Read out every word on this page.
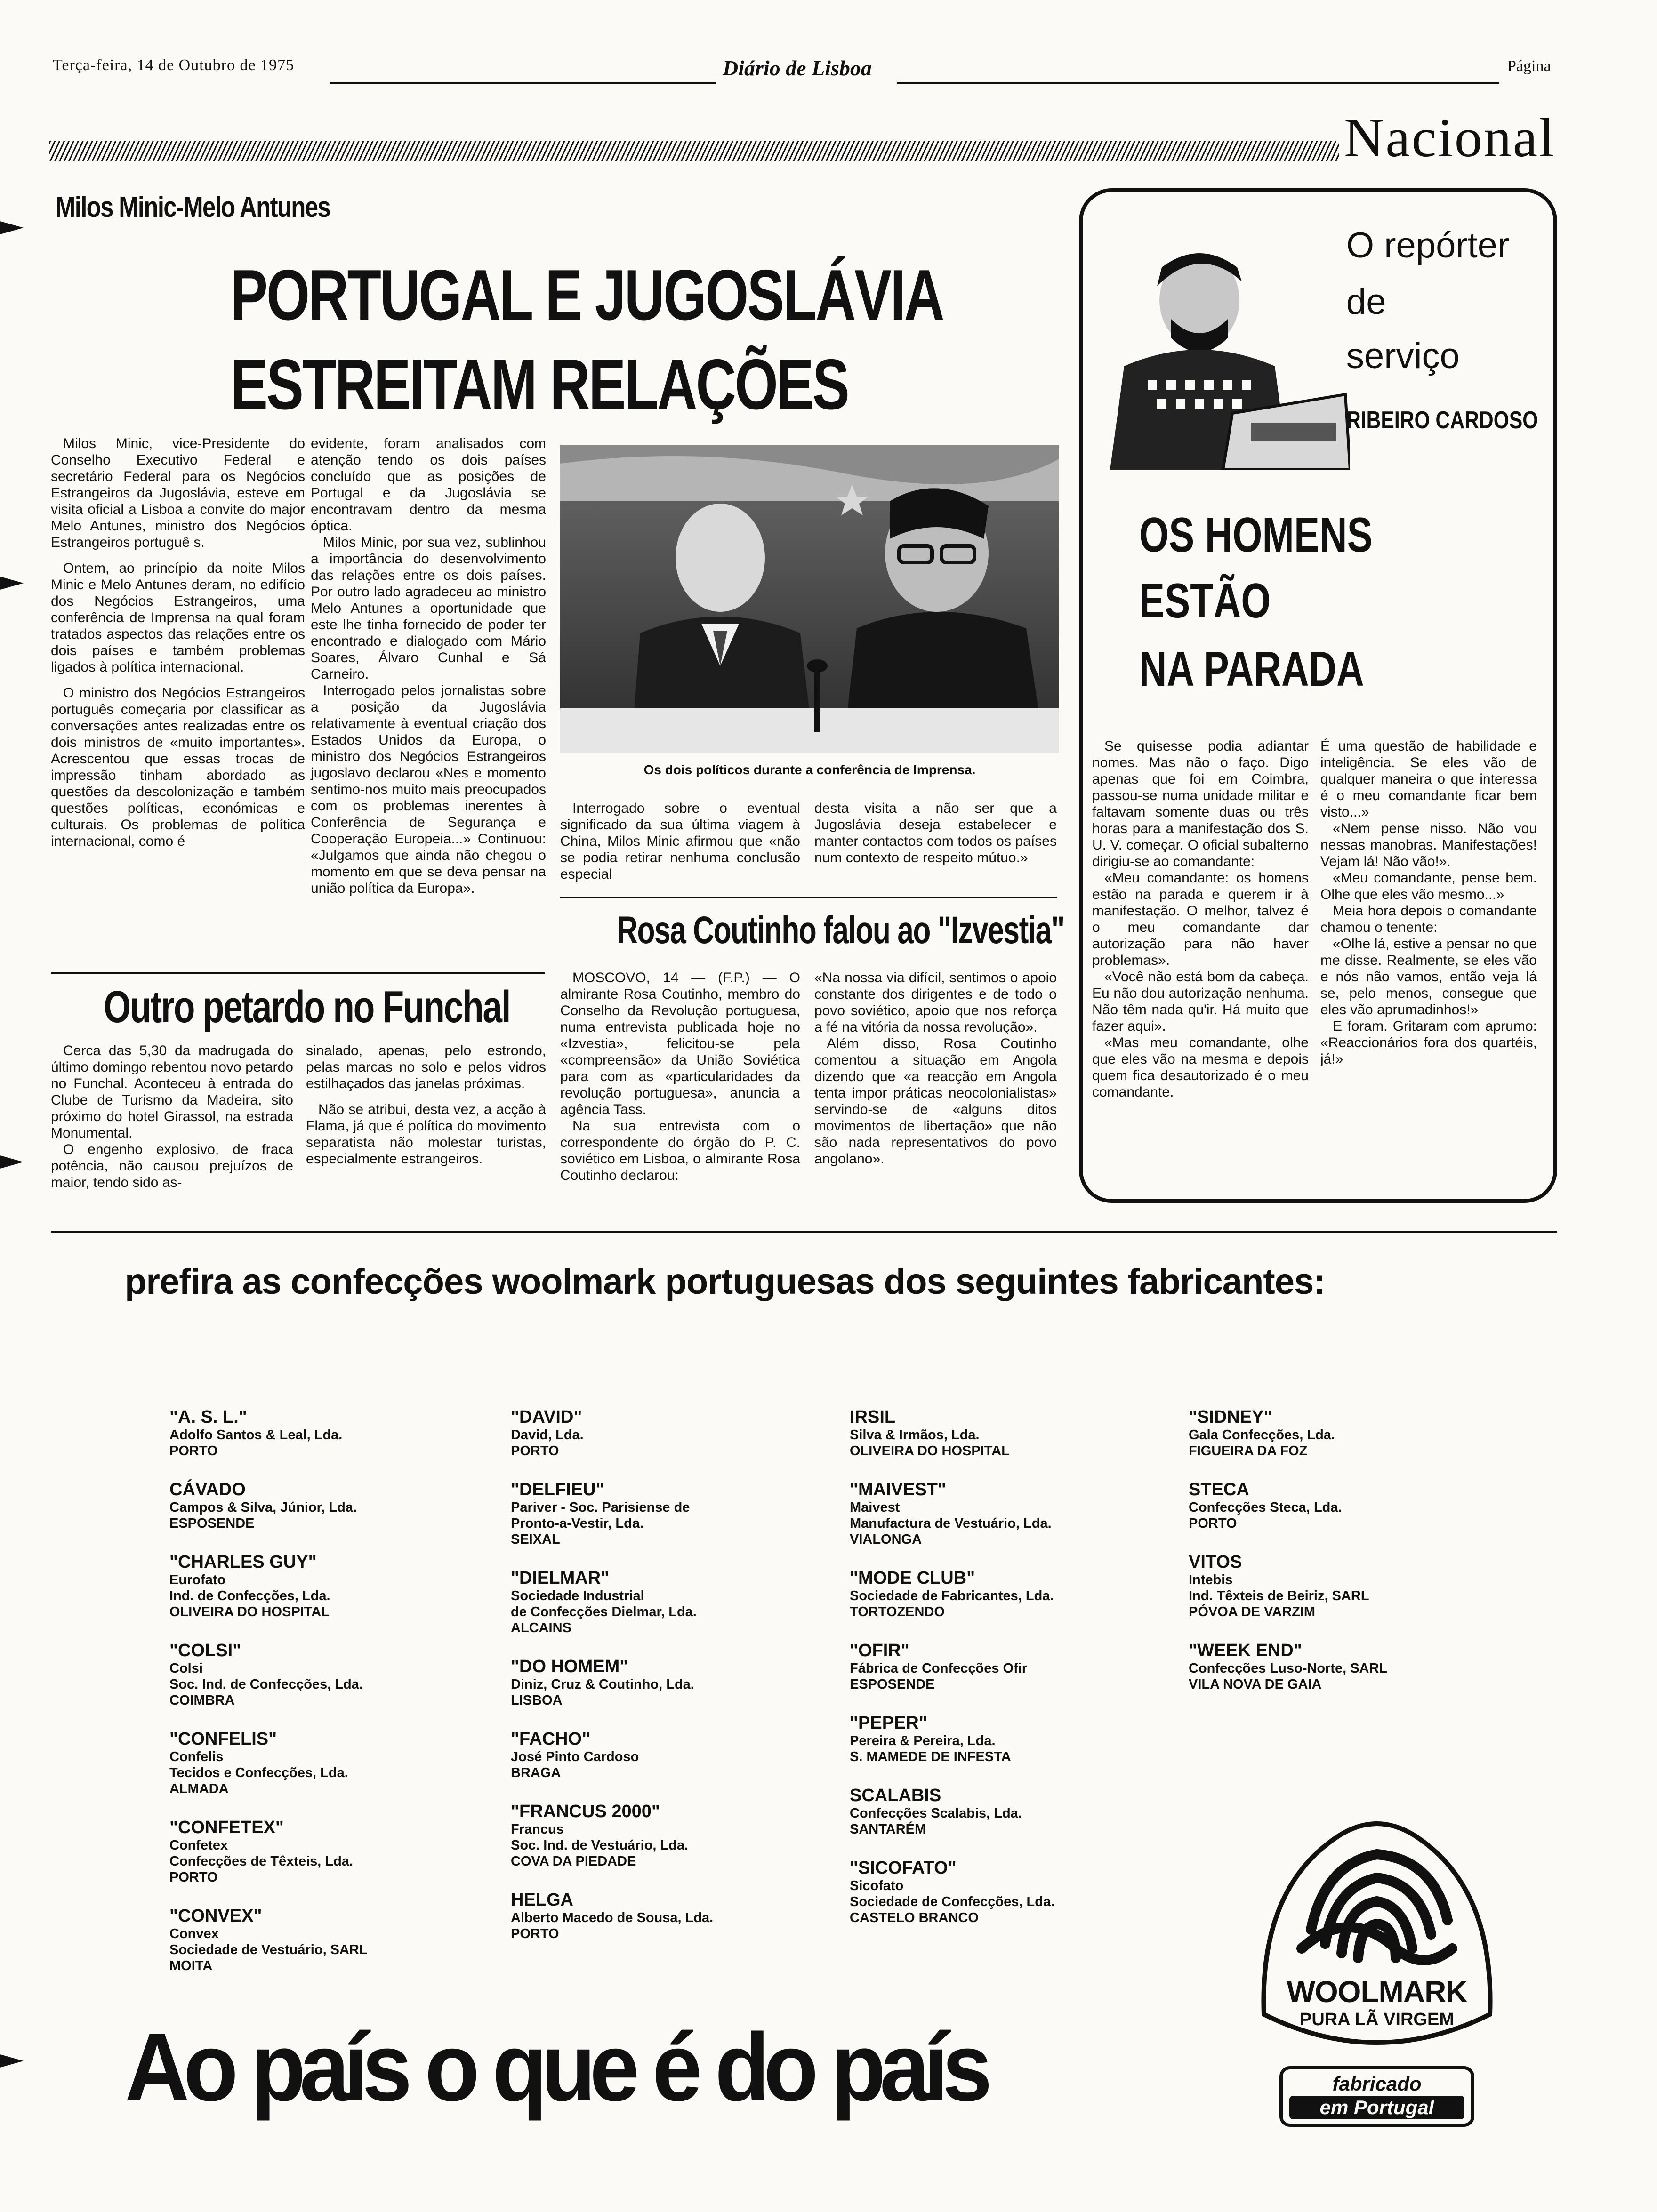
Terça-feira, 14 de Outubro de 1975	Diário de Lisboa	Página
Nacional
Milos Minic-Melo Antunes
PORTUGAL E JUGOSLÁVIA
ESTREITAM RELAÇÕES

Milos Minic, vice-Presidente do Conselho Executivo Federal e secretário Federal para os Negócios Estrangeiros da Jugoslávia, esteve em visita oficial a Lisboa a convite do major Melo Antunes, ministro dos Negócios Estrangeiros portuguê s.

Ontem, ao princípio da noite Milos Minic e Melo Antunes deram, no edifício dos Negócios Estrangeiros, uma conferência de Imprensa na qual foram tratados aspectos das relações entre os dois países e também problemas ligados à política internacional.

O ministro dos Negócios Estrangeiros português começaria por classificar as conversações antes realizadas entre os dois ministros de «muito importantes». Acrescentou que essas trocas de impressão tinham abordado as questões da descolonização e também questões políticas, económicas e culturais. Os problemas de política internacional, como é

evidente, foram analisados com atenção tendo os dois países concluído que as posições de Portugal e da Jugoslávia se encontravam dentro da mesma óptica.

Milos Minic, por sua vez, sublinhou a importância do desenvolvimento das relações entre os dois países. Por outro lado agradeceu ao ministro Melo Antunes a oportunidade que este lhe tinha fornecido de poder ter encontrado e dialogado com Mário Soares, Álvaro Cunhal e Sá Carneiro.

Interrogado pelos jornalistas sobre a posição da Jugoslávia relativamente à eventual criação dos Estados Unidos da Europa, o ministro dos Negócios Estrangeiros jugoslavo declarou «Nes e momento sentimo-nos muito mais preocupados com os problemas inerentes à Conferência de Segurança e Cooperação Europeia...» Continuou: «Julgamos que ainda não chegou o momento em que se deva pensar na união política da Europa».

Os dois políticos durante a conferência de Imprensa.

Interrogado sobre o eventual significado da sua última viagem à China, Milos Minic afirmou que «não se podia retirar nenhuma conclusão especial

desta visita a não ser que a Jugoslávia deseja estabelecer e manter contactos com todos os países num contexto de respeito mútuo.»

Outro petardo no Funchal

Cerca das 5,30 da madrugada do último domingo rebentou novo petardo no Funchal. Aconteceu à entrada do Clube de Turismo da Madeira, sito próximo do hotel Girassol, na estrada Monumental.

O engenho explosivo, de fraca potência, não causou prejuízos de maior, tendo sido as-

sinalado, apenas, pelo estrondo, pelas marcas no solo e pelos vidros estilhaçados das janelas próximas.

Não se atribui, desta vez, a acção à Flama, já que é política do movimento separatista não molestar turistas, especialmente estrangeiros.

Rosa Coutinho falou ao "Izvestia"

MOSCOVO, 14 — (F.P.) — O almirante Rosa Coutinho, membro do Conselho da Revolução portuguesa, numa entrevista publicada hoje no «Izvestia», felicitou-se pela «compreensão» da União Soviética para com as «particularidades da revolução portuguesa», anuncia a agência Tass.

Na sua entrevista com o correspondente do órgão do P. C. soviético em Lisboa, o almirante Rosa Coutinho declarou:

«Na nossa via difícil, sentimos o apoio constante dos dirigentes e de todo o povo soviético, apoio que nos reforça a fé na vitória da nossa revolução».

Além disso, Rosa Coutinho comentou a situação em Angola dizendo que «a reacção em Angola tenta impor práticas neocolonialistas» servindo-se de «alguns ditos movimentos de libertação» que não são nada representativos do povo angolano».

O repórter
de
serviço
RIBEIRO CARDOSO
OS HOMENS
ESTÃO
NA PARADA

Se quisesse podia adiantar nomes. Mas não o faço. Digo apenas que foi em Coimbra, passou-se numa unidade militar e faltavam somente duas ou três horas para a manifestação dos S. U. V. começar. O oficial subalterno dirigiu-se ao comandante:

«Meu comandante: os homens estão na parada e querem ir à manifestação. O melhor, talvez é o meu comandante dar autorização para não haver problemas».

«Você não está bom da cabeça. Eu não dou autorização nenhuma. Não têm nada qu'ir. Há muito que fazer aqui».

«Mas meu comandante, olhe que eles vão na mesma e depois quem fica desautorizado é o meu comandante.

É uma questão de habilidade e inteligência. Se eles vão de qualquer maneira o que interessa é o meu comandante ficar bem visto...»

«Nem pense nisso. Não vou nessas manobras. Manifestações! Vejam lá! Não vão!».

«Meu comandante, pense bem. Olhe que eles vão mesmo...»

Meia hora depois o comandante chamou o tenente:

«Olhe lá, estive a pensar no que me disse. Realmente, se eles vão e nós não vamos, então veja lá se, pelo menos, consegue que eles vão aprumadinhos!»

E foram. Gritaram com aprumo: «Reaccionários fora dos quartéis, já!»

prefira as confecções woolmark portuguesas dos seguintes fabricantes:
"A. S. L."
Adolfo Santos & Leal, Lda.
PORTO
CÁVADO
Campos & Silva, Júnior, Lda.
ESPOSENDE
"CHARLES GUY"
Eurofato
Ind. de Confecções, Lda.
OLIVEIRA DO HOSPITAL
"COLSI"
Colsi
Soc. Ind. de Confecções, Lda.
COIMBRA
"CONFELIS"
Confelis
Tecidos e Confecções, Lda.
ALMADA
"CONFETEX"
Confetex
Confecções de Têxteis, Lda.
PORTO
"CONVEX"
Convex
Sociedade de Vestuário, SARL
MOITA
"DAVID"
David, Lda.
PORTO
"DELFIEU"
Pariver - Soc. Parisiense de
Pronto-a-Vestir, Lda.
SEIXAL
"DIELMAR"
Sociedade Industrial
de Confecções Dielmar, Lda.
ALCAINS
"DO HOMEM"
Diniz, Cruz & Coutinho, Lda.
LISBOA
"FACHO"
José Pinto Cardoso
BRAGA
"FRANCUS 2000"
Francus
Soc. Ind. de Vestuário, Lda.
COVA DA PIEDADE
HELGA
Alberto Macedo de Sousa, Lda.
PORTO
IRSIL
Silva & Irmãos, Lda.
OLIVEIRA DO HOSPITAL
"MAIVEST"
Maivest
Manufactura de Vestuário, Lda.
VIALONGA
"MODE CLUB"
Sociedade de Fabricantes, Lda.
TORTOZENDO
"OFIR"
Fábrica de Confecções Ofir
ESPOSENDE
"PEPER"
Pereira & Pereira, Lda.
S. MAMEDE DE INFESTA
SCALABIS
Confecções Scalabis, Lda.
SANTARÉM
"SICOFATO"
Sicofato
Sociedade de Confecções, Lda.
CASTELO BRANCO
"SIDNEY"
Gala Confecções, Lda.
FIGUEIRA DA FOZ
STECA
Confecções Steca, Lda.
PORTO
VITOS
Intebis
Ind. Têxteis de Beiriz, SARL
PÓVOA DE VARZIM
"WEEK END"
Confecções Luso-Norte, SARL
VILA NOVA DE GAIA
WOOLMARK
PURA LÃ VIRGEM
fabricado
em Portugal
Ao país o que é do país
